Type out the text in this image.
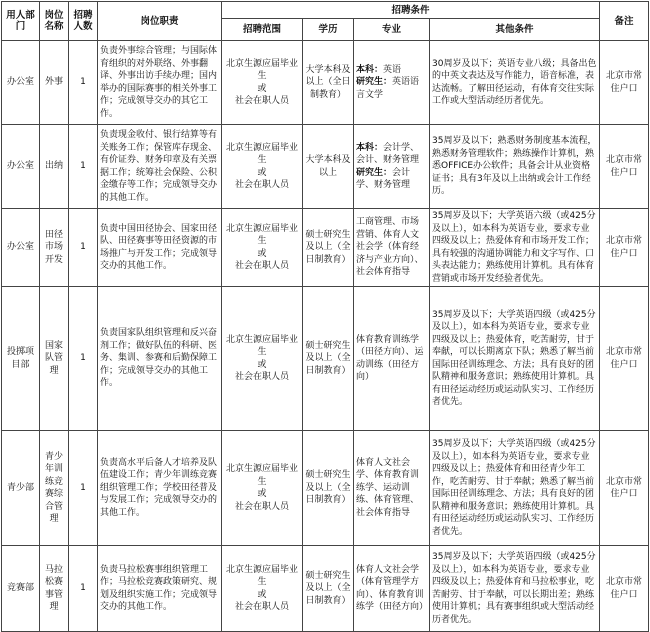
用人部门	岗位名称	招聘人数	岗位职责	招聘条件				备注
				招聘范围	学历	专业	其他条件	
办公室	外事	1	负责外事综合管理；与国际体育组织的对外联络、外事翻译、外事出访手续办理；国内举办的国际赛事的相关外事工作；完成领导交办的其它工作。	北京生源应届毕业生
或
社会在职人员	大学本科及以上（全日制教育）	本科：英语
研究生：英语语言文学	30周岁及以下；英语专业八级；具备出色的中英文表达及写作能力，语音标准，表达流畅。了解田径运动，有体育交往实际工作或大型活动经历者优先。	北京市常住户口
办公室	出纳	1	负责现金收付、银行结算等有关账务工作；保管库存现金、有价证券、财务印章及有关票据工作；统筹社会保险、公积金缴存等工作；完成领导交办的其他工作。	北京生源应届毕业生
或
社会在职人员	大学本科及以上	本科：会计学、会计、财务管理
研究生：会计学、财务管理	35周岁及以下；熟悉财务制度基本流程，熟悉财务管理软件；熟练操作计算机，熟悉OFFICE办公软件；具备会计从业资格证书；具有3年及以上出纳或会计工作经历。	北京市常住户口
办公室	田径市场开发	1	负责中国田径协会、国家田径队、田径赛事等田径资源的市场推广与开发工作；完成领导交办的其他工作。	北京生源应届毕业生
或
社会在职人员	硕士研究生及以上（全日制教育）	工商管理、市场营销、体育人文社会学（体育经济与产业方向）、社会体育指导	35周岁及以下；大学英语六级（或425分及以上），如本科为英语专业，要求专业四级及以上；热爱体育和市场开发工作；具有较强的沟通协调能力和文字写作、口头表达能力；熟练使用计算机。具有体育营销或市场开发经验者优先。	北京市常住户口
投掷项目部	国家队管理	1	负责国家队组织管理和反兴奋剂工作；做好队伍的科研、医务、集训、参赛和后勤保障工作；完成领导交办的其他工作。	北京生源应届毕业生
或
社会在职人员	硕士研究生及以上（全日制教育）	体育教育训练学（田径方向）、运动训练（田径方向）	35周岁及以下；大学英语四级（或425分及以上），如本科为英语专业，要求专业四级及以上；热爱体育，吃苦耐劳，甘于奉献，可以长期离京下队；熟悉了解当前国际田径训练理念、方法；具有良好的团队精神和服务意识；熟练使用计算机。具有田径运动经历或运动队实习、工作经历者优先。	北京市常住户口
青少部	青少年训练竞赛综合管理	1	负责高水平后备人才培养及队伍建设工作；青少年训练竞赛组织管理工作；学校田径普及与发展工作；完成领导交办的其他工作。	北京生源应届毕业生
或
社会在职人员	硕士研究生及以上（全日制教育）	体育人文社会学、体育教育训练学、运动训练、体育管理、社会体育指导	35周岁及以下；大学英语四级（或425分及以上），如本科为英语专业，要求专业四级及以上；热爱体育和田径青少年工作，吃苦耐劳、甘于奉献；熟悉了解当前国际田径训练理念、方法；具有良好的团队精神和服务意识；熟练使用计算机。具有田径运动经历或运动队实习、工作经历者优先。	北京市常住户口
竞赛部	马拉松赛事管理	1	负责马拉松赛事组织管理工作；马拉松竞赛政策研究、规划及组织实施工作；完成领导交办的其他工作。	北京生源应届毕业生
或
社会在职人员	硕士研究生及以上（全日制教育）	体育人文社会学（体育管理学方向）、体育教育训练学（田径方向）	35周岁及以下；大学英语四级（或425分及以上），如本科为英语专业，要求专业四级及以上；热爱体育和马拉松事业，吃苦耐劳、甘于奉献，可以长期出差；熟练使用计算机；具有赛事组织或大型活动经历者优先。	北京市常住户口
